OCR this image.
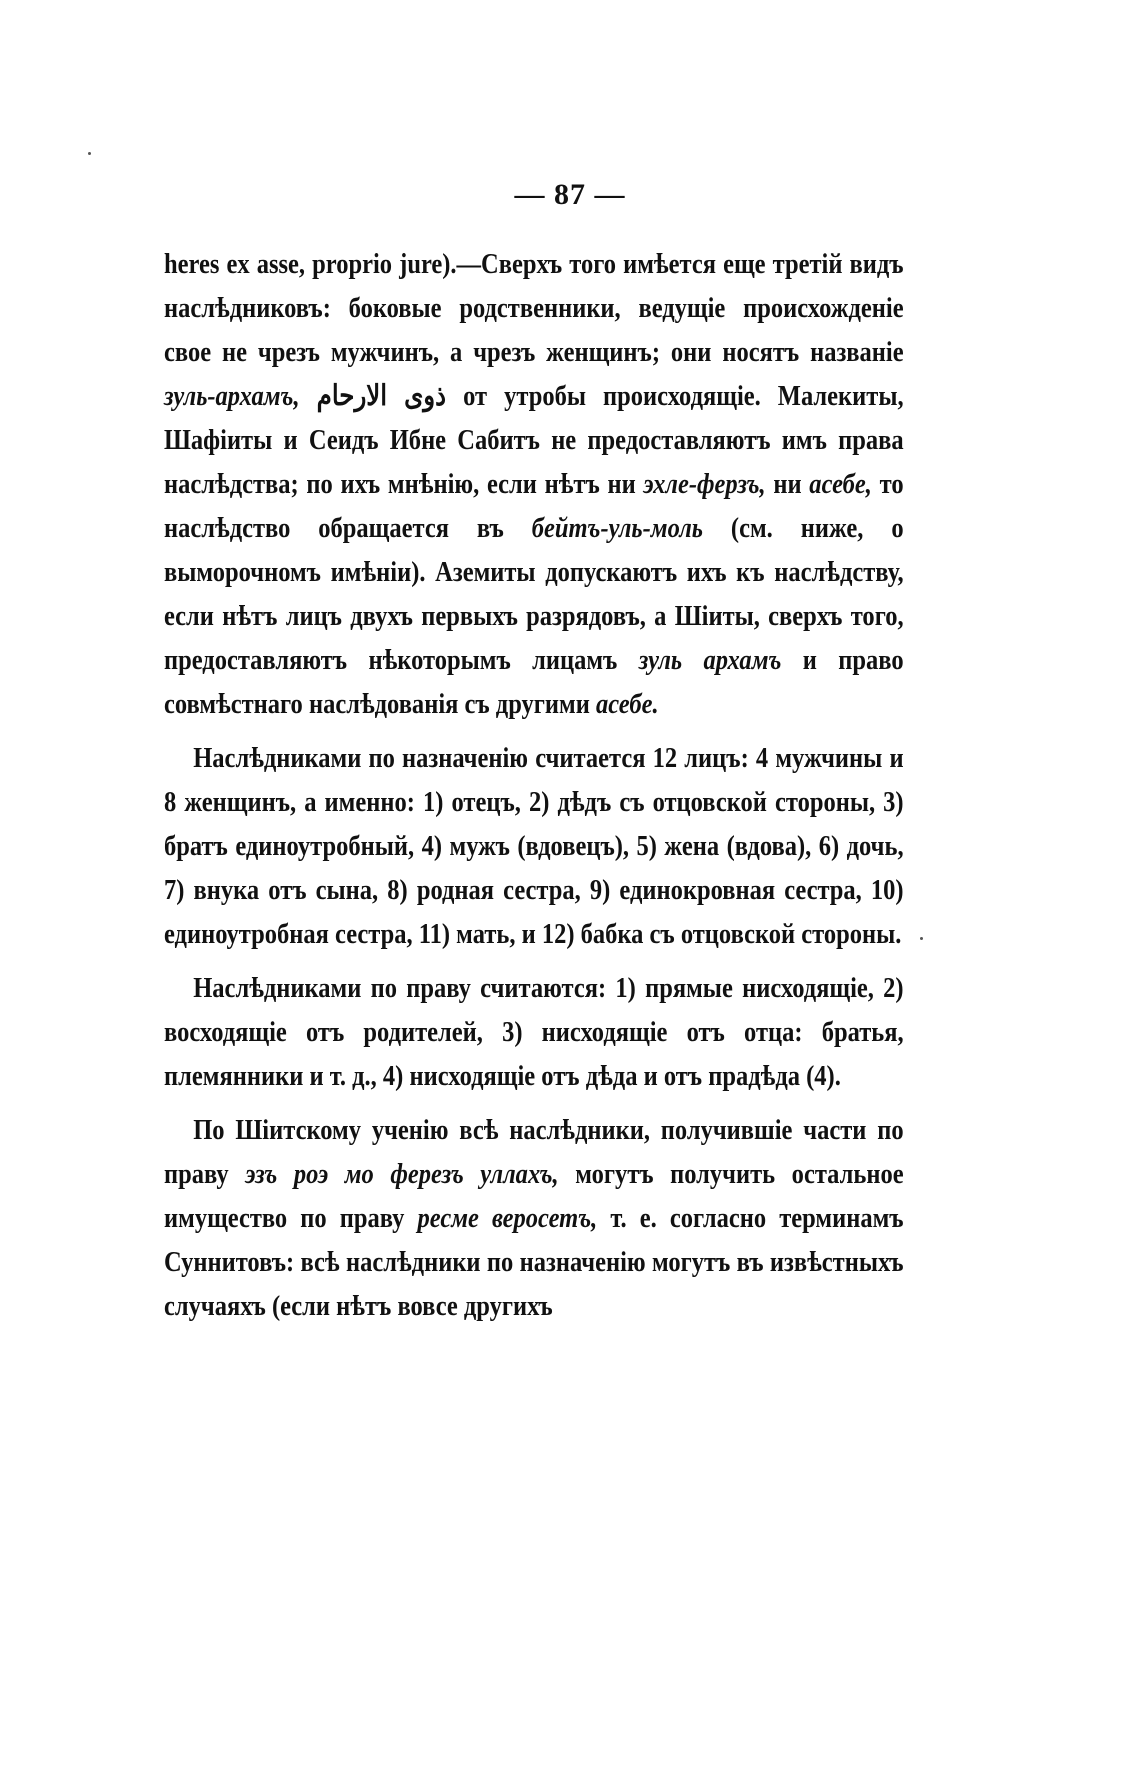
— 87 —

heres ex asse, proprio jure).—Сверхъ того имѣется еще третій видъ наслѣдниковъ: боковые родственники, ведущіе происхожденіе свое не чрезъ мужчинъ, а чрезъ женщинъ; они носятъ названіе зуль-архамъ, ذوى الارحام от утробы происходящіе. Малекиты, Шафіиты и Сеидъ Ибне Сабитъ не предоставляютъ имъ права наслѣдства; по ихъ мнѣнію, если нѣтъ ни эхле-ферзъ, ни асебе, то наслѣдство обращается въ бейтъ-уль-моль (см. ниже, о выморочномъ имѣніи). Аземиты допускаютъ ихъ къ наслѣдству, если нѣтъ лицъ двухъ первыхъ разрядовъ, а Шіиты, сверхъ того, предоставляютъ нѣкоторымъ лицамъ зуль архамъ и право совмѣстнаго наслѣдованія съ другими асебе.

Наслѣдниками по назначенію считается 12 лицъ: 4 мужчины и 8 женщинъ, а именно: 1) отецъ, 2) дѣдъ съ отцовской стороны, 3) братъ единоутробный, 4) мужъ (вдовецъ), 5) жена (вдова), 6) дочь, 7) внука отъ сына, 8) родная сестра, 9) единокровная сестра, 10) единоутробная сестра, 11) мать, и 12) бабка съ отцовской стороны.

Наслѣдниками по праву считаются: 1) прямые нисходящіе, 2) восходящіе отъ родителей, 3) нисходящіе отъ отца: братья, племянники и т. д., 4) нисходящіе отъ дѣда и отъ прадѣда (4).

По Шіитскому ученію всѣ наслѣдники, получившіе части по праву эзъ роэ мо ферезъ уллахъ, могутъ получить остальное имущество по праву ресме веросетъ, т. е. согласно терминамъ Суннитовъ: всѣ наслѣдники по назначенію могутъ въ извѣстныхъ случаяхъ (если нѣтъ вовсе другихъ
